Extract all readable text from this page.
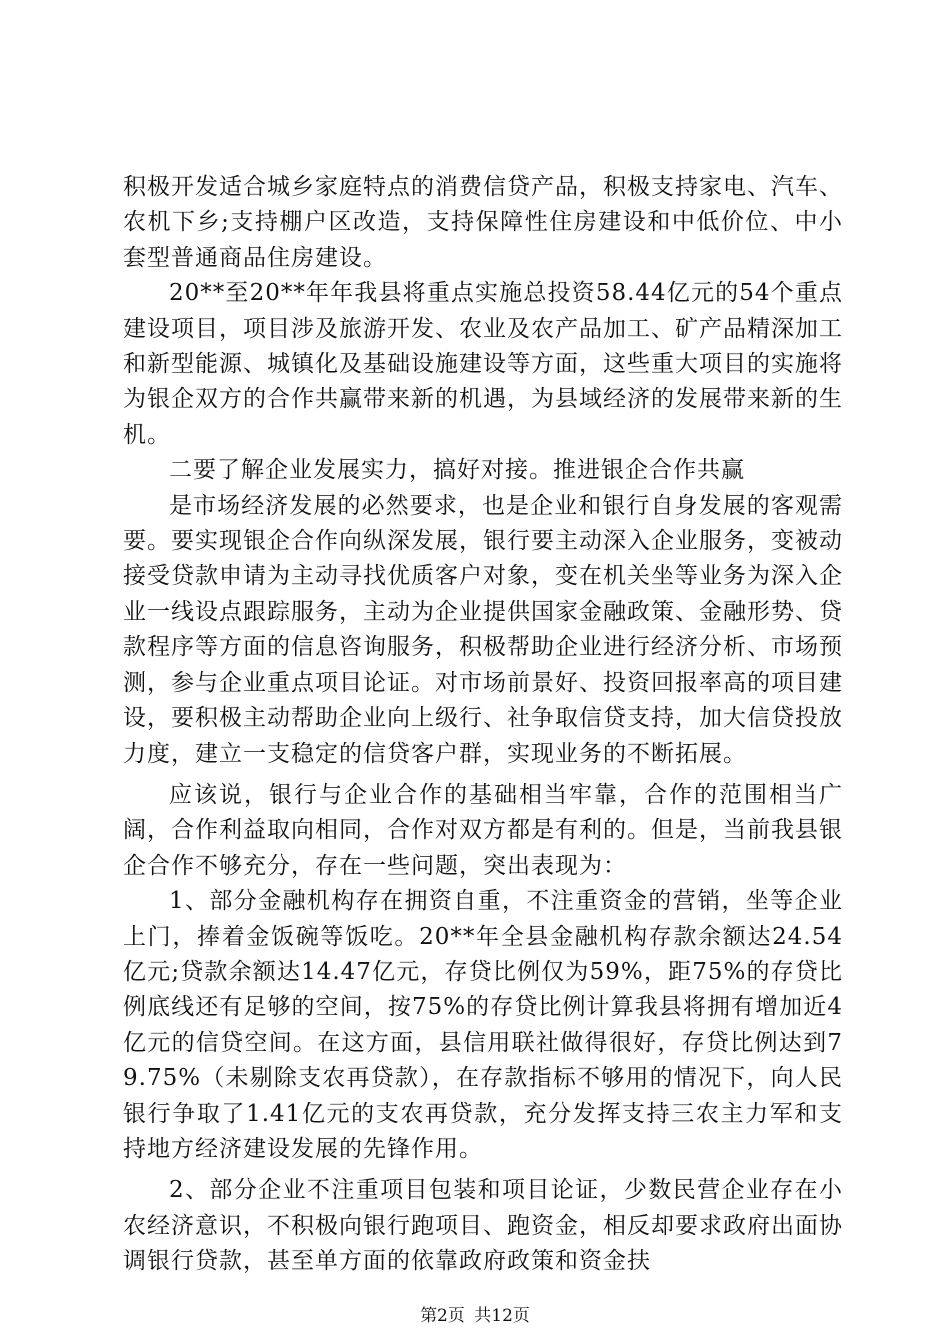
积极开发适合城乡家庭特点的消费信贷产品，积极支持家电、汽车、农机下乡;支持棚户区改造，支持保障性住房建设和中低价位、中小套型普通商品住房建设。

20**至20**年年我县将重点实施总投资58.44亿元的54个重点建设项目，项目涉及旅游开发、农业及农产品加工、矿产品精深加工和新型能源、城镇化及基础设施建设等方面，这些重大项目的实施将为银企双方的合作共赢带来新的机遇，为县域经济的发展带来新的生机。

二要了解企业发展实力，搞好对接。推进银企合作共赢

是市场经济发展的必然要求，也是企业和银行自身发展的客观需要。要实现银企合作向纵深发展，银行要主动深入企业服务，变被动接受贷款申请为主动寻找优质客户对象，变在机关坐等业务为深入企业一线设点跟踪服务，主动为企业提供国家金融政策、金融形势、贷款程序等方面的信息咨询服务，积极帮助企业进行经济分析、市场预测，参与企业重点项目论证。对市场前景好、投资回报率高的项目建设，要积极主动帮助企业向上级行、社争取信贷支持，加大信贷投放力度，建立一支稳定的信贷客户群，实现业务的不断拓展。

应该说，银行与企业合作的基础相当牢靠，合作的范围相当广阔，合作利益取向相同，合作对双方都是有利的。但是，当前我县银企合作不够充分，存在一些问题，突出表现为：

1、部分金融机构存在拥资自重，不注重资金的营销，坐等企业上门，捧着金饭碗等饭吃。20**年全县金融机构存款余额达24.54亿元;贷款余额达14.47亿元，存贷比例仅为59%，距75%的存贷比例底线还有足够的空间，按75%的存贷比例计算我县将拥有增加近4亿元的信贷空间。在这方面，县信用联社做得很好，存贷比例达到79.75%（未剔除支农再贷款），在存款指标不够用的情况下，向人民银行争取了1.41亿元的支农再贷款，充分发挥支持三农主力军和支持地方经济建设发展的先锋作用。

2、部分企业不注重项目包装和项目论证，少数民营企业存在小农经济意识，不积极向银行跑项目、跑资金，相反却要求政府出面协调银行贷款，甚至单方面的依靠政府政策和资金扶

第2页 共12页
